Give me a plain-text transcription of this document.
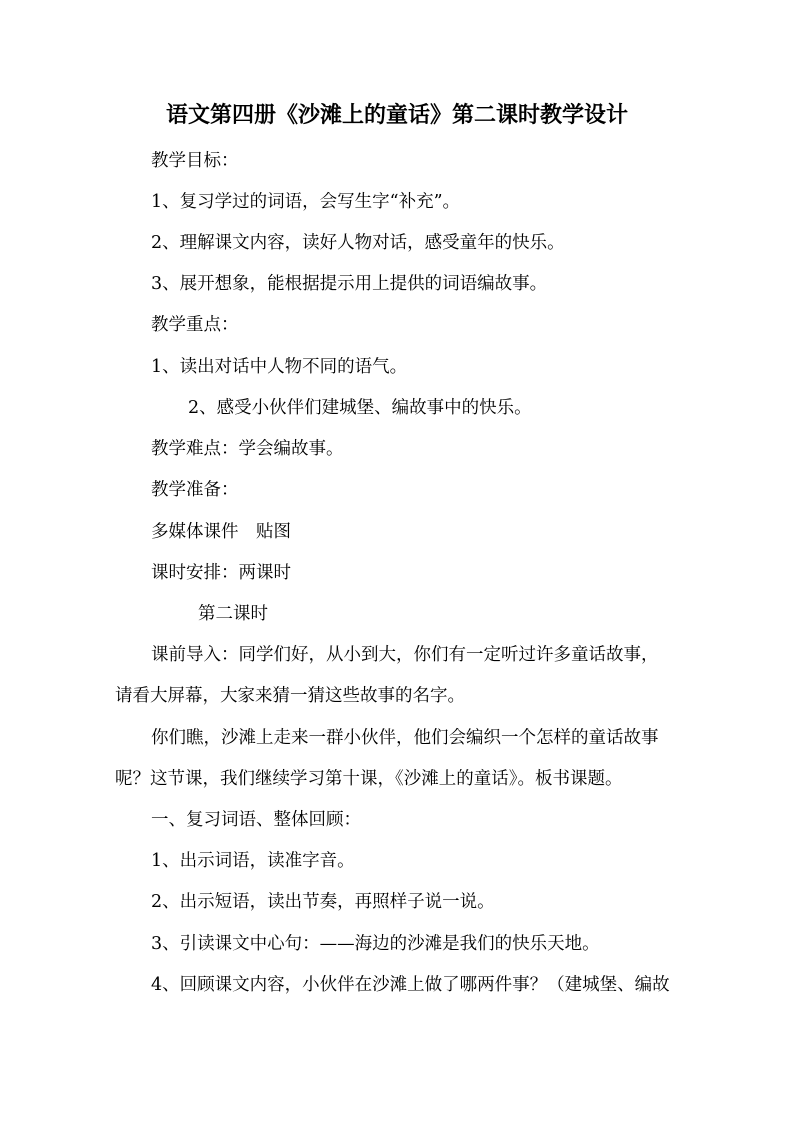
语文第四册《沙滩上的童话》第二课时教学设计
教学目标：
1、复习学过的词语，会写生字“补充”。
2、理解课文内容，读好人物对话，感受童年的快乐。
3、展开想象，能根据提示用上提供的词语编故事。
教学重点：
1、读出对话中人物不同的语气。
2、感受小伙伴们建城堡、编故事中的快乐。
教学难点：学会编故事。
教学准备：
多媒体课件　贴图
课时安排：两课时
第二课时
课前导入：同学们好，从小到大，你们有一定听过许多童话故事，
请看大屏幕，大家来猜一猜这些故事的名字。
你们瞧，沙滩上走来一群小伙伴，他们会编织一个怎样的童话故事
呢？这节课，我们继续学习第十课，《沙滩上的童话》。板书课题。
一、复习词语、整体回顾：
1、出示词语，读准字音。
2、出示短语，读出节奏，再照样子说一说。
3、引读课文中心句：——海边的沙滩是我们的快乐天地。
4、回顾课文内容，小伙伴在沙滩上做了哪两件事？（建城堡、编故
